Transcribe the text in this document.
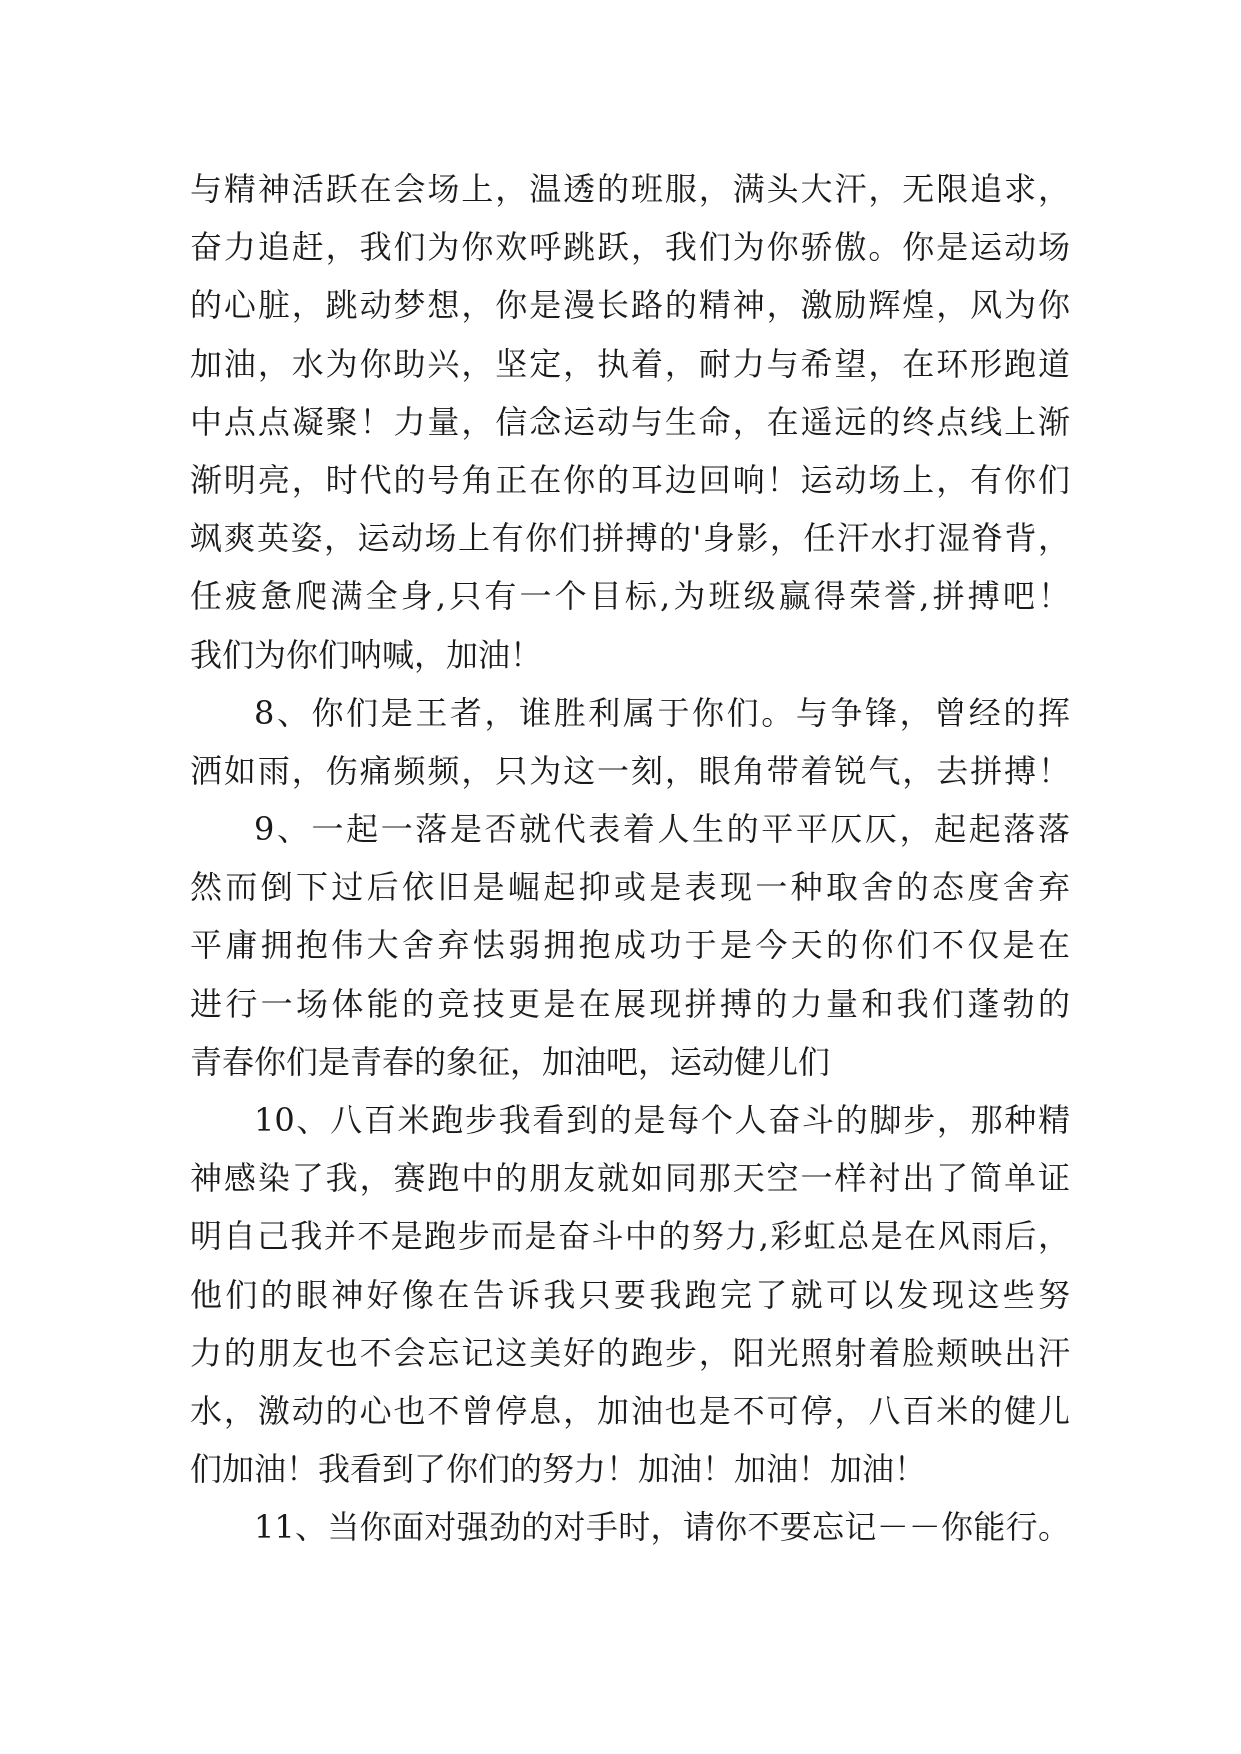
与精神活跃在会场上，温透的班服，满头大汗，无限追求，
奋力追赶，我们为你欢呼跳跃，我们为你骄傲。你是运动场
的心脏，跳动梦想，你是漫长路的精神，激励辉煌，风为你
加油，水为你助兴，坚定，执着，耐力与希望，在环形跑道
中点点凝聚！力量，信念运动与生命，在遥远的终点线上渐
渐明亮，时代的号角正在你的耳边回响！运动场上，有你们
飒爽英姿，运动场上有你们拼搏的'身影，任汗水打湿脊背，
任疲惫爬满全身,只有一个目标,为班级赢得荣誉,拼搏吧！
我们为你们呐喊，加油！
8、你们是王者，谁胜利属于你们。与争锋，曾经的挥
洒如雨，伤痛频频，只为这一刻，眼角带着锐气，去拼搏！
9、一起一落是否就代表着人生的平平仄仄，起起落落
然而倒下过后依旧是崛起抑或是表现一种取舍的态度舍弃
平庸拥抱伟大舍弃怯弱拥抱成功于是今天的你们不仅是在
进行一场体能的竞技更是在展现拼搏的力量和我们蓬勃的
青春你们是青春的象征，加油吧，运动健儿们
10、八百米跑步我看到的是每个人奋斗的脚步，那种精
神感染了我，赛跑中的朋友就如同那天空一样衬出了简单证
明自己我并不是跑步而是奋斗中的努力,彩虹总是在风雨后，
他们的眼神好像在告诉我只要我跑完了就可以发现这些努
力的朋友也不会忘记这美好的跑步，阳光照射着脸颊映出汗
水，激动的心也不曾停息，加油也是不可停，八百米的健儿
们加油！我看到了你们的努力！加油！加油！加油！
11、当你面对强劲的对手时，请你不要忘记－－你能行。
